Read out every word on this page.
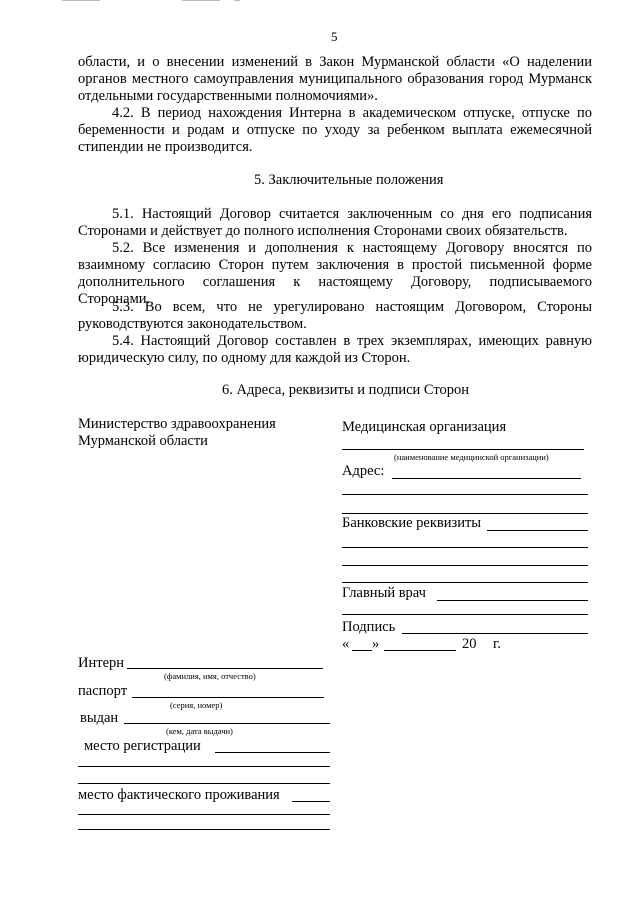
5
области, и о внесении изменений в Закон Мурманской области «О наделении органов местного самоуправления муниципального образования город Мурманск отдельными государственными полномочиями».
4.2. В период нахождения Интерна в академическом отпуске, отпуске по беременности и родам и отпуске по уходу за ребенком выплата ежемесячной стипендии не производится.
5. Заключительные положения
5.1. Настоящий Договор считается заключенным со дня его подписания Сторонами и действует до полного исполнения Сторонами своих обязательств.
5.2. Все изменения и дополнения к настоящему Договору вносятся по взаимному согласию Сторон путем заключения в простой письменной форме дополнительного соглашения к настоящему Договору, подписываемого Сторонами.
5.3. Во всем, что не урегулировано настоящим Договором, Стороны руководствуются законодательством.
5.4. Настоящий Договор составлен в трех экземплярах, имеющих равную юридическую силу, по одному для каждой из Сторон.
6. Адреса, реквизиты и подписи Сторон
Министерство здравоохранения
Мурманской области
Медицинская организация
(наименование медицинской организации)
Адрес:
Банковские реквизиты
Главный врач
Подпись
« »	20 г.
Интерн
(фамилия, имя, отчество)
паспорт
(серия, номер)
выдан
(кем, дата выдачи)
место регистрации
место фактического проживания
